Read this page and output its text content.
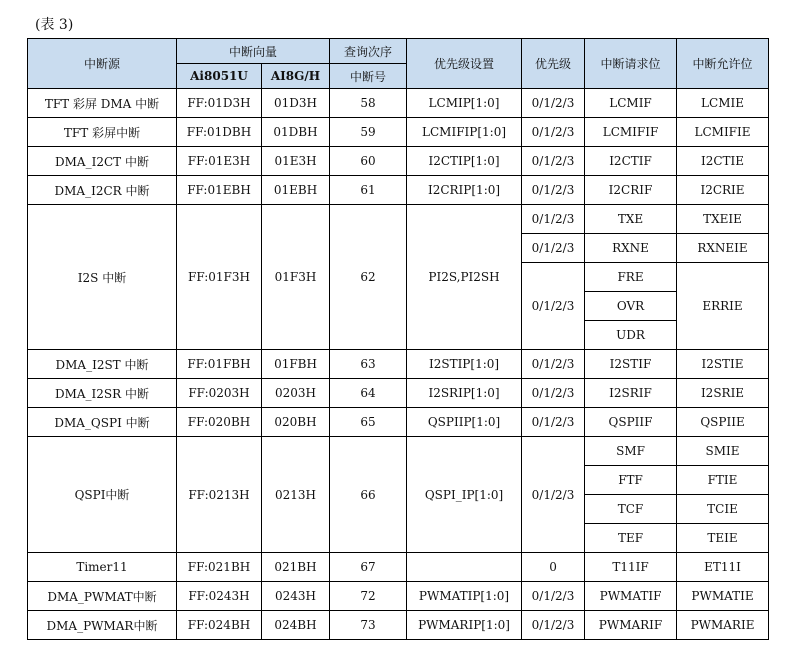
(表 3)
中断源	中断向量		查询次序	优先级设置	优先级	中断请求位	中断允许位
	Ai8051U	AI8G/H	中断号				
TFT 彩屏 DMA 中断	FF:01D3H	01D3H	58	LCMIP[1:0]	0/1/2/3	LCMIF	LCMIE
TFT 彩屏中断	FF:01DBH	01DBH	59	LCMIFIP[1:0]	0/1/2/3	LCMIFIF	LCMIFIE
DMA_I2CT 中断	FF:01E3H	01E3H	60	I2CTIP[1:0]	0/1/2/3	I2CTIF	I2CTIE
DMA_I2CR 中断	FF:01EBH	01EBH	61	I2CRIP[1:0]	0/1/2/3	I2CRIF	I2CRIE
I2S 中断	FF:01F3H	01F3H	62	PI2S,PI2SH	0/1/2/3	TXE	TXEIE
					0/1/2/3	RXNE	RXNEIE
					0/1/2/3	FRE	ERRIE
						OVR	
						UDR	
DMA_I2ST 中断	FF:01FBH	01FBH	63	I2STIP[1:0]	0/1/2/3	I2STIF	I2STIE
DMA_I2SR 中断	FF:0203H	0203H	64	I2SRIP[1:0]	0/1/2/3	I2SRIF	I2SRIE
DMA_QSPI 中断	FF:020BH	020BH	65	QSPIIP[1:0]	0/1/2/3	QSPIIF	QSPIIE
QSPI中断	FF:0213H	0213H	66	QSPI_IP[1:0]	0/1/2/3	SMF	SMIE
						FTF	FTIE
						TCF	TCIE
						TEF	TEIE
Timer11	FF:021BH	021BH	67		0	T11IF	ET11I
DMA_PWMAT中断	FF:0243H	0243H	72	PWMATIP[1:0]	0/1/2/3	PWMATIF	PWMATIE
DMA_PWMAR中断	FF:024BH	024BH	73	PWMARIP[1:0]	0/1/2/3	PWMARIF	PWMARIE
